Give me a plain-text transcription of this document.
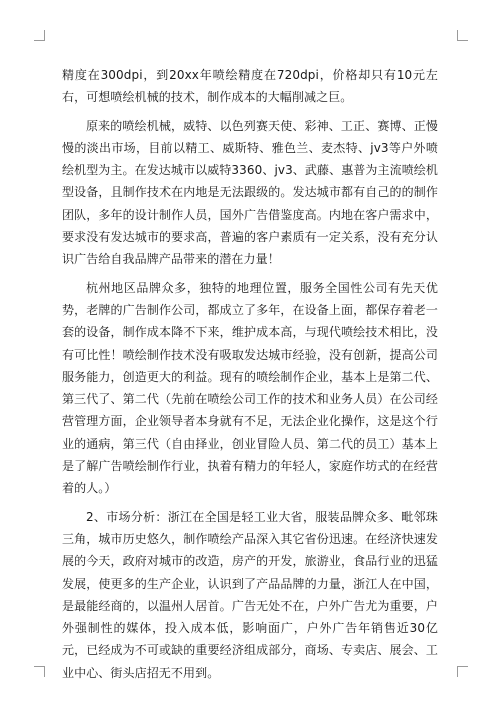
精度在300dpi，到20xx年喷绘精度在720dpi，价格却只有10元左右，可想喷绘机械的技术，制作成本的大幅削减之巨。

原来的喷绘机械，威特、以色列赛天使、彩神、工正、赛博、正慢慢的淡出市场，目前以精工、威斯特、雅色兰、麦杰特、jv3等户外喷绘机型为主。在发达城市以威特3360、jv3、武藤、惠普为主流喷绘机型设备，且制作技术在内地是无法跟级的。发达城市都有自己的的制作团队，多年的设计制作人员，国外广告借鉴度高。内地在客户需求中，要求没有发达城市的要求高，普遍的客户素质有一定关系，没有充分认识广告给自我品牌产品带来的潜在力量！

杭州地区品牌众多，独特的地理位置，服务全国性公司有先天优势，老牌的广告制作公司，都成立了多年，在设备上面，都保存着老一套的设备，制作成本降不下来，维护成本高，与现代喷绘技术相比，没有可比性！喷绘制作技术没有吸取发达城市经验，没有创新，提高公司服务能力，创造更大的利益。现有的喷绘制作企业，基本上是第二代、第三代了、第二代（先前在喷绘公司工作的技术和业务人员）在公司经营管理方面，企业领导者本身就有不足，无法企业化操作，这是这个行业的通病，第三代（自由择业，创业冒险人员、第二代的员工）基本上是了解广告喷绘制作行业，执着有精力的年轻人，家庭作坊式的在经营着的人。）

2、市场分析：浙江在全国是轻工业大省，服装品牌众多、毗邻珠三角，城市历史悠久，制作喷绘产品深入其它省份迅速。在经济快速发展的今天，政府对城市的改造，房产的开发，旅游业，食品行业的迅猛发展，使更多的生产企业，认识到了产品品牌的力量，浙江人在中国，是最能经商的，以温州人居首。广告无处不在，户外广告尤为重要，户外强制性的媒体，投入成本低，影响面广，户外广告年销售近30亿元，已经成为不可或缺的重要经济组成部分，商场、专卖店、展会、工业中心、街头店招无不用到。
